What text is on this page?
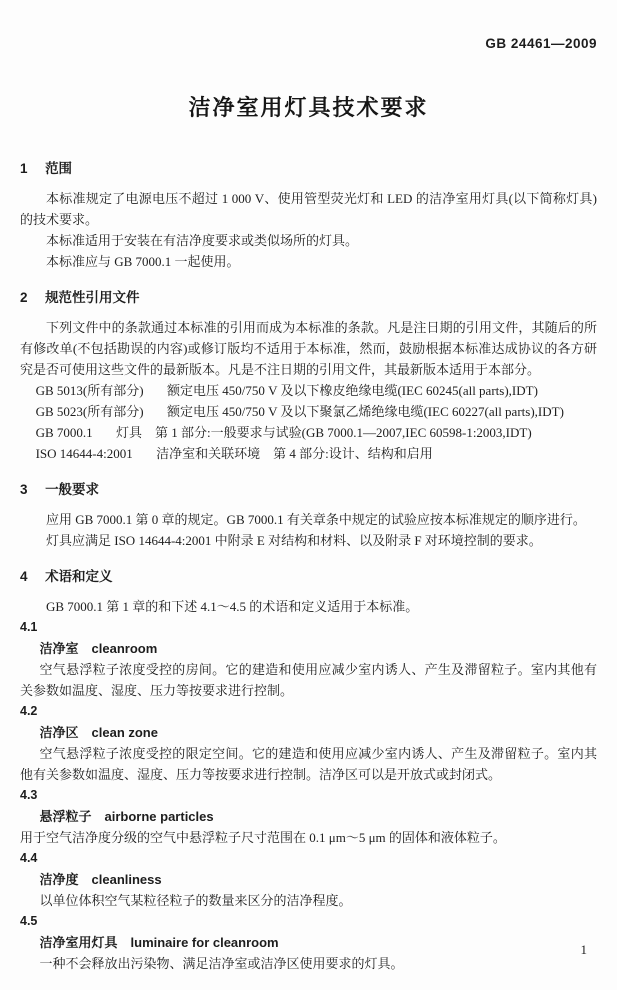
GB 24461—2009
洁净室用灯具技术要求
1 范围

本标准规定了电源电压不超过 1 000 V、使用管型荧光灯和 LED 的洁净室用灯具(以下简称灯具)的技术要求。

本标准适用于安装在有洁净度要求或类似场所的灯具。

本标准应与 GB 7000.1 一起使用。

2 规范性引用文件

下列文件中的条款通过本标准的引用而成为本标准的条款。凡是注日期的引用文件，其随后的所有修改单(不包括勘误的内容)或修订版均不适用于本标准，然而，鼓励根据本标准达成协议的各方研究是否可使用这些文件的最新版本。凡是不注日期的引用文件，其最新版本适用于本部分。

GB 5013(所有部分) 额定电压 450/750 V 及以下橡皮绝缘电缆(IEC 60245(all parts),IDT)

GB 5023(所有部分) 额定电压 450/750 V 及以下聚氯乙烯绝缘电缆(IEC 60227(all parts),IDT)

GB 7000.1 灯具　第 1 部分:一般要求与试验(GB 7000.1—2007,IEC 60598-1:2003,IDT)

ISO 14644-4:2001 洁净室和关联环境　第 4 部分:设计、结构和启用

3 一般要求

应用 GB 7000.1 第 0 章的规定。GB 7000.1 有关章条中规定的试验应按本标准规定的顺序进行。

灯具应满足 ISO 14644-4:2001 中附录 E 对结构和材料、以及附录 F 对环境控制的要求。

4 术语和定义

GB 7000.1 第 1 章的和下述 4.1～4.5 的术语和定义适用于本标准。

4.1
洁净室 cleanroom

空气悬浮粒子浓度受控的房间。它的建造和使用应减少室内诱人、产生及滞留粒子。室内其他有关参数如温度、湿度、压力等按要求进行控制。

4.2
洁净区 clean zone

空气悬浮粒子浓度受控的限定空间。它的建造和使用应减少室内诱人、产生及滞留粒子。室内其他有关参数如温度、湿度、压力等按要求进行控制。洁净区可以是开放式或封闭式。

4.3
悬浮粒子 airborne particles

用于空气洁净度分级的空气中悬浮粒子尺寸范围在 0.1 μm～5 μm 的固体和液体粒子。

4.4
洁净度 cleanliness

以单位体积空气某粒径粒子的数量来区分的洁净程度。

4.5
洁净室用灯具 luminaire for cleanroom

一种不会释放出污染物、满足洁净室或洁净区使用要求的灯具。

1
